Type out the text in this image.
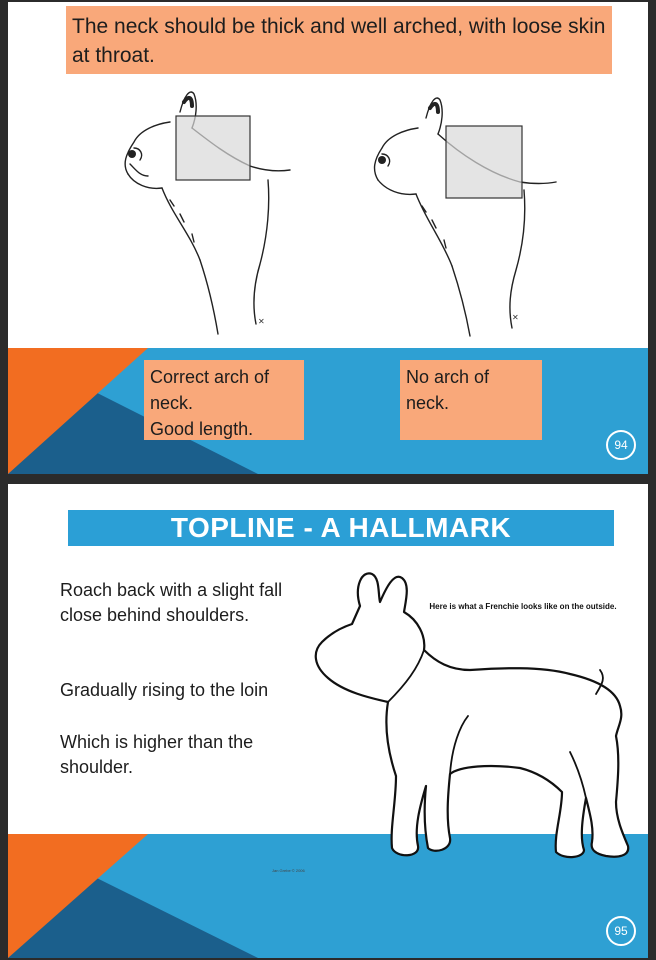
The neck should be thick and well arched, with loose skin at throat.
✕	✕
Correct arch of
neck.
Good length.
No arch of
neck.
94
TOPLINE - A HALLMARK
Roach back with a slight fall close behind shoulders.
Gradually rising to the loin
Which is higher than the shoulder.
Here is what a Frenchie looks like on the outside.
Jan Grebe © 2006
95
